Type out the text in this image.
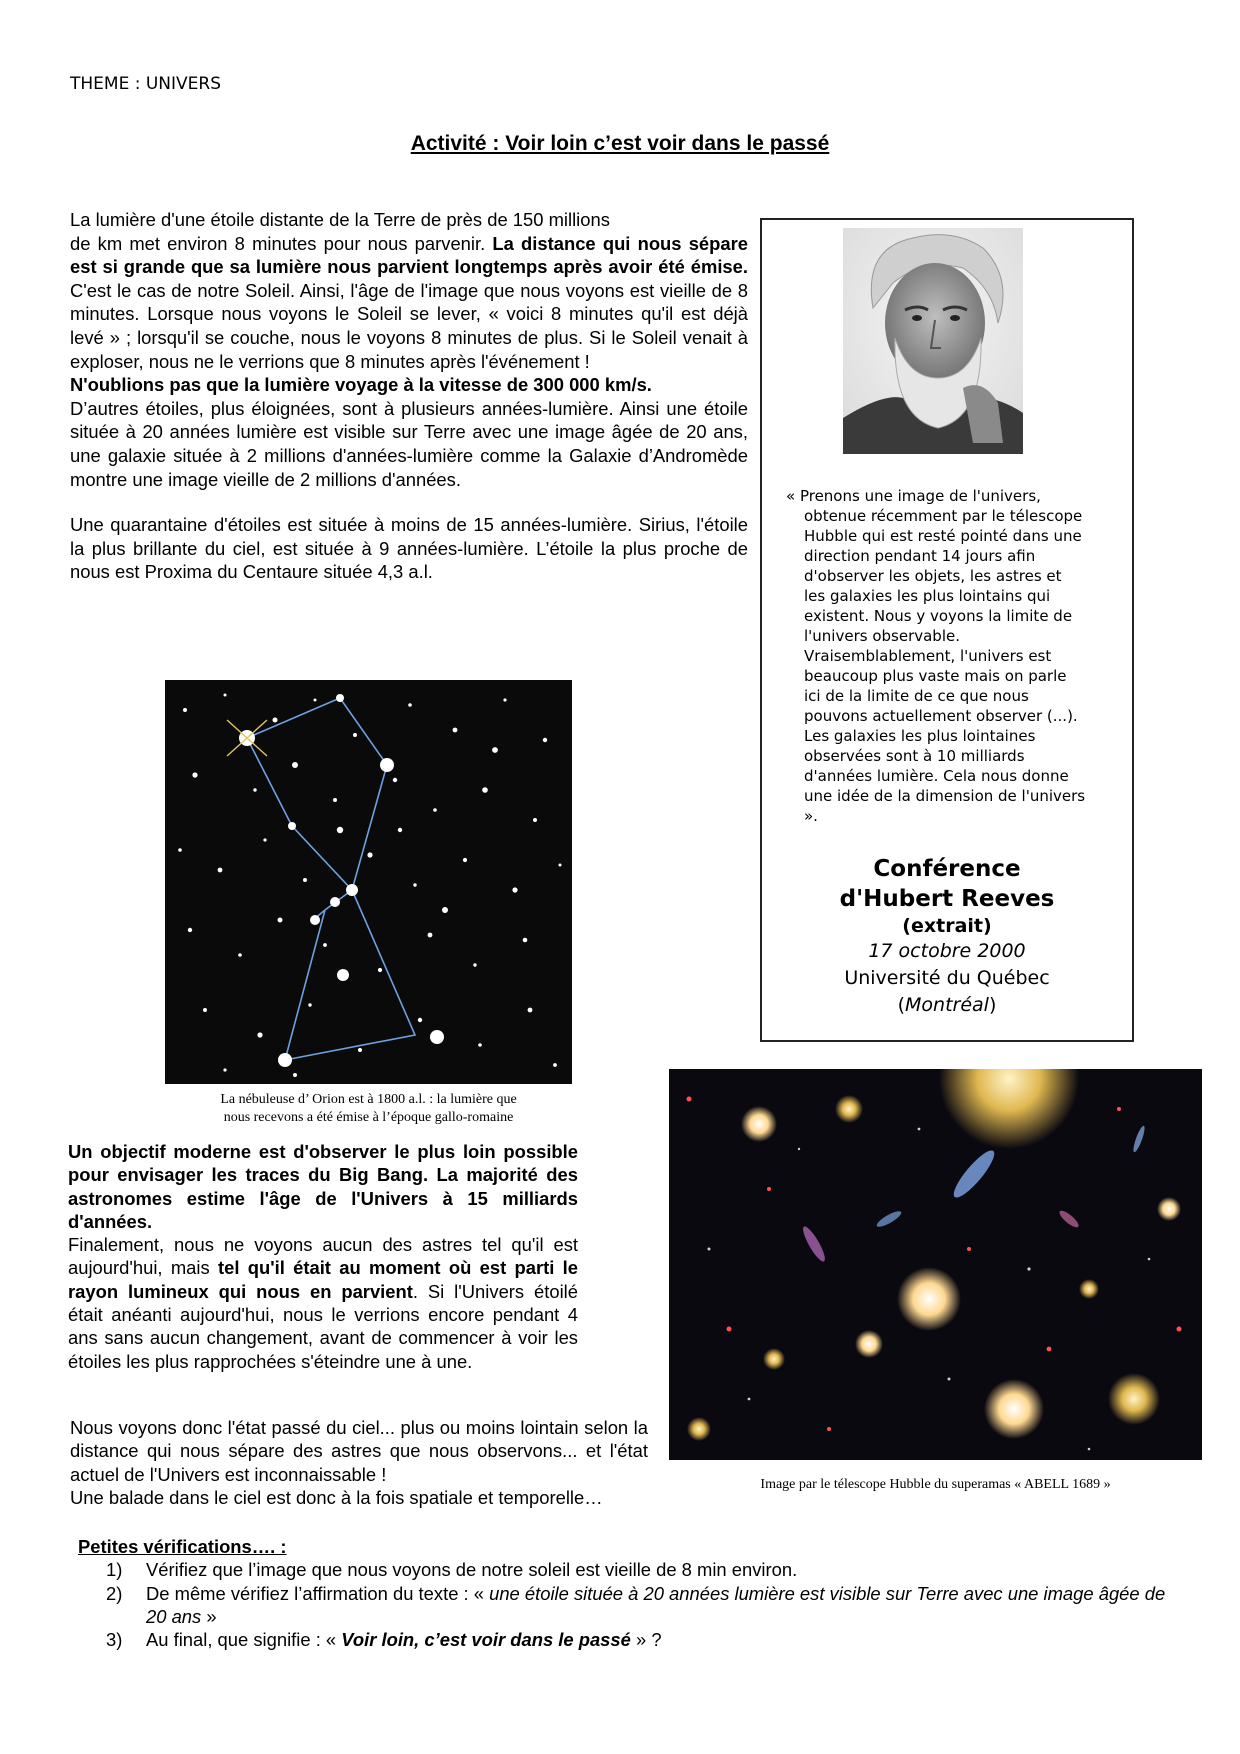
THEME : UNIVERS
Activité : Voir loin c’est voir dans le passé
La lumière d'une étoile distante de la Terre de près de 150 millions

de km met environ 8 minutes pour nous parvenir. La distance qui nous sépare est si grande que sa lumière nous parvient longtemps après avoir été émise. C'est le cas de notre Soleil. Ainsi, l'âge de l'image que nous voyons est vieille de 8 minutes. Lorsque nous voyons le Soleil se lever, « voici 8 minutes qu'il est déjà levé » ; lorsqu'il se couche, nous le voyons 8 minutes de plus. Si le Soleil venait à exploser, nous ne le verrions que 8 minutes après l'événement !

N'oublions pas que la lumière voyage à la vitesse de 300 000 km/s.

D’autres étoiles, plus éloignées, sont à plusieurs années-lumière. Ainsi une étoile située à 20 années lumière est visible sur Terre avec une image âgée de 20 ans, une galaxie située à 2 millions d'années-lumière comme la Galaxie d’Andromède montre une image vieille de 2 millions d'années.

Une quarantaine d'étoiles est située à moins de 15 années-lumière. Sirius, l'étoile la plus brillante du ciel, est située à 9 années-lumière. L’étoile la plus proche de nous est Proxima du Centaure située 4,3 a.l.

« Prenons une image de l'univers,
obtenue récemment par le télescope Hubble qui est resté pointé dans une direction pendant 14 jours afin d'observer les objets, les astres et les galaxies les plus lointains qui existent. Nous y voyons la limite de l'univers observable. Vraisemblablement, l'univers est beaucoup plus vaste mais on parle ici de la limite de ce que nous pouvons actuellement observer (...). Les galaxies les plus lointaines observées sont à 10 milliards d'années lumière. Cela nous donne une idée de la dimension de l'univers ».
Conférence
d'Hubert Reeves
(extrait)
17 octobre 2000
Université du Québec
(Montréal)
La nébuleuse d’ Orion est à 1800 a.l. : la lumière que
nous recevons a été émise à l’époque gallo-romaine
Image par le télescope Hubble du superamas « ABELL 1689 »

Un objectif moderne est d'observer le plus loin possible pour envisager les traces du Big Bang. La majorité des astronomes estime l'âge de l'Univers à 15 milliards d'années.

Finalement, nous ne voyons aucun des astres tel qu'il est aujourd'hui, mais tel qu'il était au moment où est parti le rayon lumineux qui nous en parvient. Si l'Univers étoilé était anéanti aujourd'hui, nous le verrions encore pendant 4 ans sans aucun changement, avant de commencer à voir les étoiles les plus rapprochées s'éteindre une à une.

Nous voyons donc l'état passé du ciel... plus ou moins lointain selon la distance qui nous sépare des astres que nous observons... et l'état actuel de l'Univers est inconnaissable !

Une balade dans le ciel est donc à la fois spatiale et temporelle…
Petites vérifications…. :
1) Vérifiez que l’image que nous voyons de notre soleil est vieille de 8 min environ.
2) De même vérifiez l’affirmation du texte : « une étoile située à 20 années lumière est visible sur Terre avec une image âgée de 20 ans »
3) Au final, que signifie : « Voir loin, c’est voir dans le passé » ?
